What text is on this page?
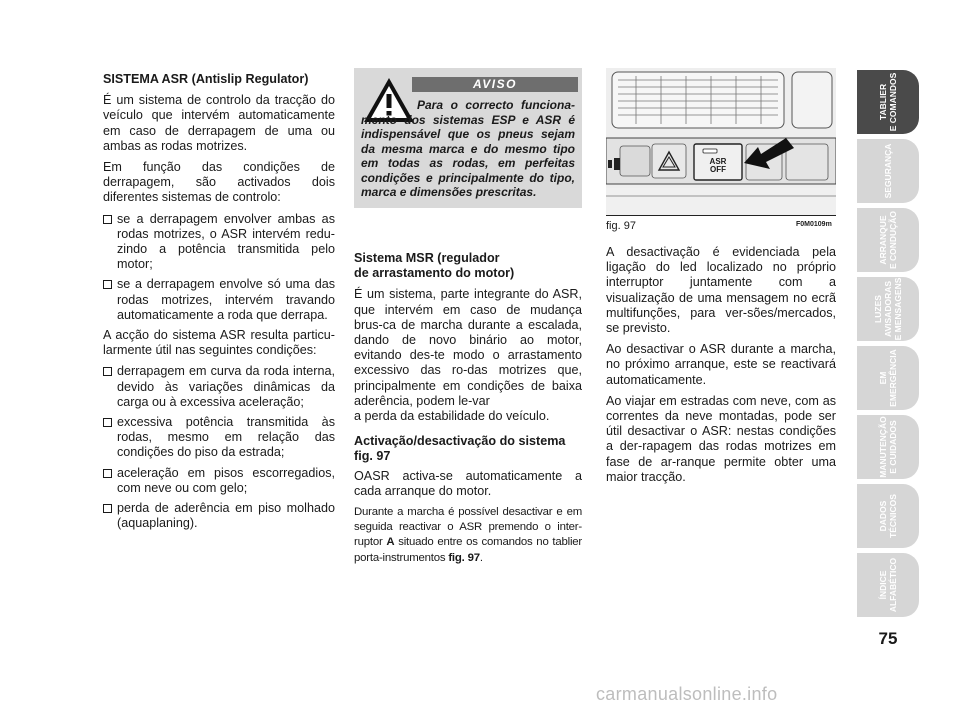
SISTEMA ASR (Antislip Regulator)

É um sistema de controlo da tracção do veículo que intervém automaticamente em caso de derrapagem de uma ou ambas as rodas motrizes.

Em função das condições de derrapagem, são activados dois diferentes sistemas de controlo:

se a derrapagem envolver ambas as rodas motrizes, o ASR intervém redu-zindo a potência transmitida pelo motor;
se a derrapagem envolve só uma das rodas motrizes, intervém travando automaticamente a roda que derrapa.

A acção do sistema ASR resulta particu-larmente útil nas seguintes condições:

derrapagem em curva da roda interna, devido às variações dinâmicas da carga ou à excessiva aceleração;
excessiva potência transmitida às rodas, mesmo em relação das condições do piso da estrada;
aceleração em pisos escorregadios, com neve ou com gelo;
perda de aderência em piso molhado (aquaplaning).
AVISO

Para o correcto funciona-mento dos sistemas ESP e ASR é indispensável que os pneus sejam da mesma marca e do mesmo tipo em todas as rodas, em perfeitas condições e principalmente do tipo, marca e dimensões prescritas.

Sistema MSR (regulador
de arrastamento do motor)

É um sistema, parte integrante do ASR, que intervém em caso de mudança brus-ca de marcha durante a escalada, dando de novo binário ao motor, evitando des-te modo o arrastamento excessivo das ro-das motrizes que, principalmente em condições de baixa aderência, podem le-var

a perda da estabilidade do veículo.

Activação/desactivação do sistema
fig. 97

OASR activa-se automaticamente a cada arranque do motor.

Durante a marcha é possível desactivar e em seguida reactivar o ASR premendo o inter-ruptor A situado entre os comandos no tablier porta-instrumentos fig. 97.

ASR
OFF
fig. 97	F0M0109m

A desactivação é evidenciada pela ligação do led localizado no próprio interruptor juntamente com a visualização de uma mensagem no ecrã multifunções, para ver-sões/mercados, se previsto.

Ao desactivar o ASR durante a marcha, no próximo arranque, este se reactivará automaticamente.

Ao viajar em estradas com neve, com as correntes da neve montadas, pode ser útil desactivar o ASR: nestas condições a der-rapagem das rodas motrizes em fase de ar-ranque permite obter uma maior tracção.

TABLIER
E COMANDOS
SEGURANÇA
ARRANQUE
E CONDUÇÃO
LUZES
AVISADORAS
E MENSAGENS
EM
EMERGÊNCIA
MANUTENÇÃO
E CUIDADOS
DADOS
TÉCNICOS
ÍNDICE
ALFABÉTICO
75
carmanualsonline.info
